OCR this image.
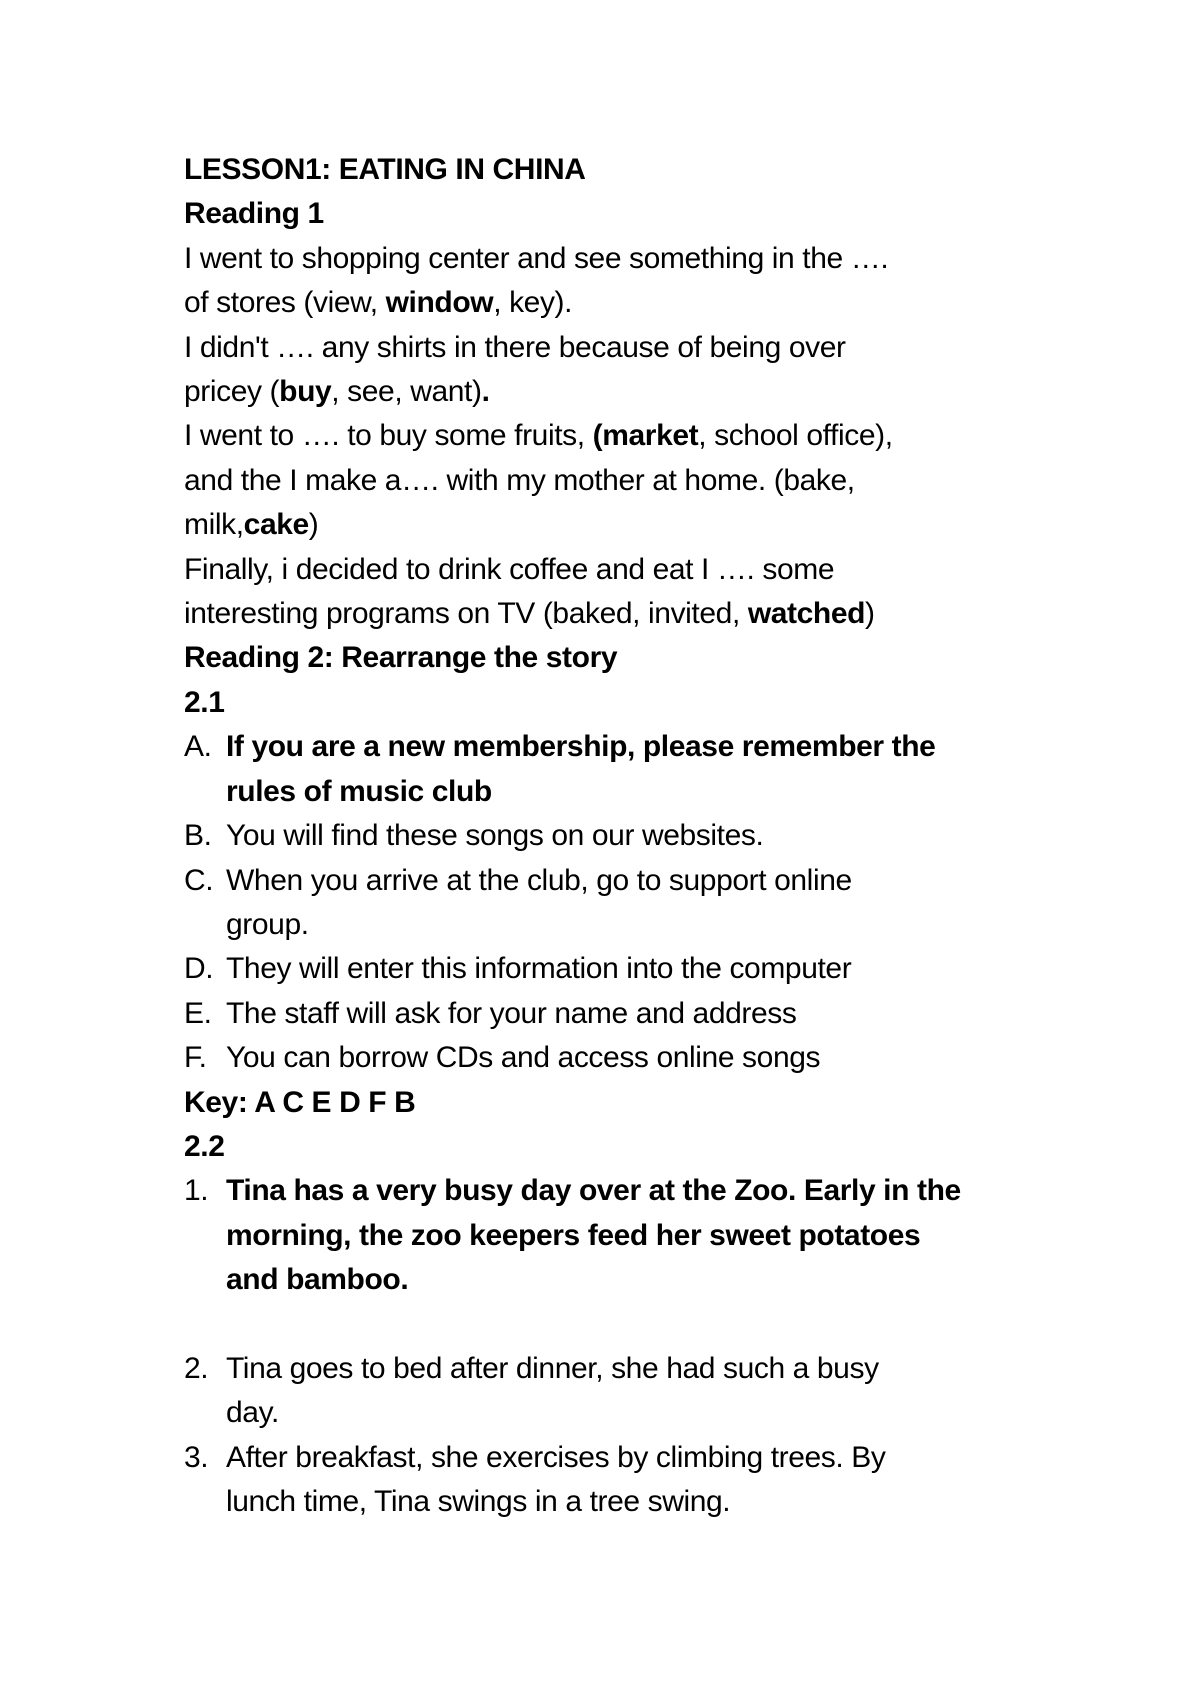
LESSON1: EATING IN CHINA
Reading 1
I went to shopping center and see something in the ….
of stores (view, window, key).
I didn't …. any shirts in there because of being over
pricey (buy, see, want).
I went to …. to buy some fruits, (market, school office),
and the I make a…. with my mother at home. (bake,
milk,cake)
Finally, i decided to drink coffee and eat I …. some
interesting programs on TV (baked, invited, watched)
Reading 2: Rearrange the story
2.1
A. If you are a new membership, please remember the
rules of music club
B. You will find these songs on our websites.
C. When you arrive at the club, go to support online
group.
D. They will enter this information into the computer
E. The staff will ask for your name and address
F. You can borrow CDs and access online songs
Key: A C E D F B
2.2
1. Tina has a very busy day over at the Zoo. Early in the
morning, the zoo keepers feed her sweet potatoes
and bamboo.
2. Tina goes to bed after dinner, she had such a busy
day.
3. After breakfast, she exercises by climbing trees. By
lunch time, Tina swings in a tree swing.
